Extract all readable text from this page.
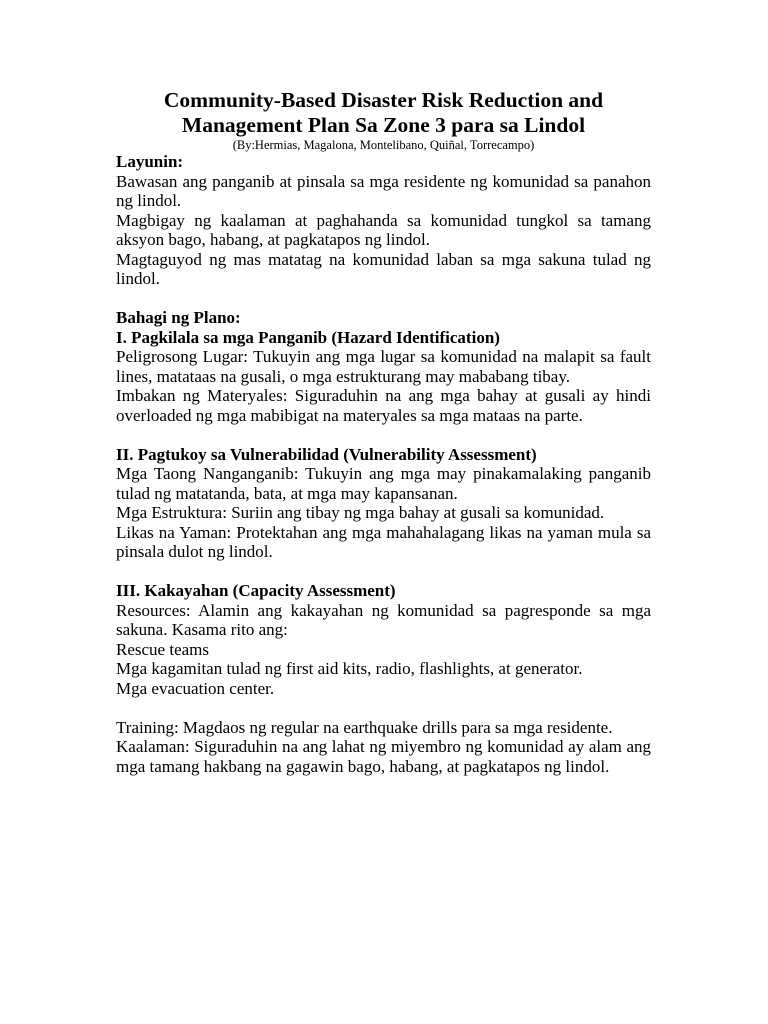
Community-Based Disaster Risk Reduction and

Management Plan Sa Zone 3 para sa Lindol

(By:Hermias, Magalona, Montelibano, Quiñal, Torrecampo)

Layunin:

Bawasan ang panganib at pinsala sa mga residente ng komunidad sa panahon ng lindol.

Magbigay ng kaalaman at paghahanda sa komunidad tungkol sa tamang aksyon bago, habang, at pagkatapos ng lindol.

Magtaguyod ng mas matatag na komunidad laban sa mga sakuna tulad ng lindol.

Bahagi ng Plano:

I. Pagkilala sa mga Panganib (Hazard Identification)

Peligrosong Lugar: Tukuyin ang mga lugar sa komunidad na malapit sa fault lines, matataas na gusali, o mga estrukturang may mababang tibay.

Imbakan ng Materyales: Siguraduhin na ang mga bahay at gusali ay hindi overloaded ng mga mabibigat na materyales sa mga mataas na parte.

II. Pagtukoy sa Vulnerabilidad (Vulnerability Assessment)

Mga Taong Nanganganib: Tukuyin ang mga may pinakamalaking panganib tulad ng matatanda, bata, at mga may kapansanan.

Mga Estruktura: Suriin ang tibay ng mga bahay at gusali sa komunidad.

Likas na Yaman: Protektahan ang mga mahahalagang likas na yaman mula sa pinsala dulot ng lindol.

III. Kakayahan (Capacity Assessment)

Resources: Alamin ang kakayahan ng komunidad sa pagresponde sa mga sakuna. Kasama rito ang:

Rescue teams

Mga kagamitan tulad ng first aid kits, radio, flashlights, at generator.

Mga evacuation center.

Training: Magdaos ng regular na earthquake drills para sa mga residente.

Kaalaman: Siguraduhin na ang lahat ng miyembro ng komunidad ay alam ang mga tamang hakbang na gagawin bago, habang, at pagkatapos ng lindol.
